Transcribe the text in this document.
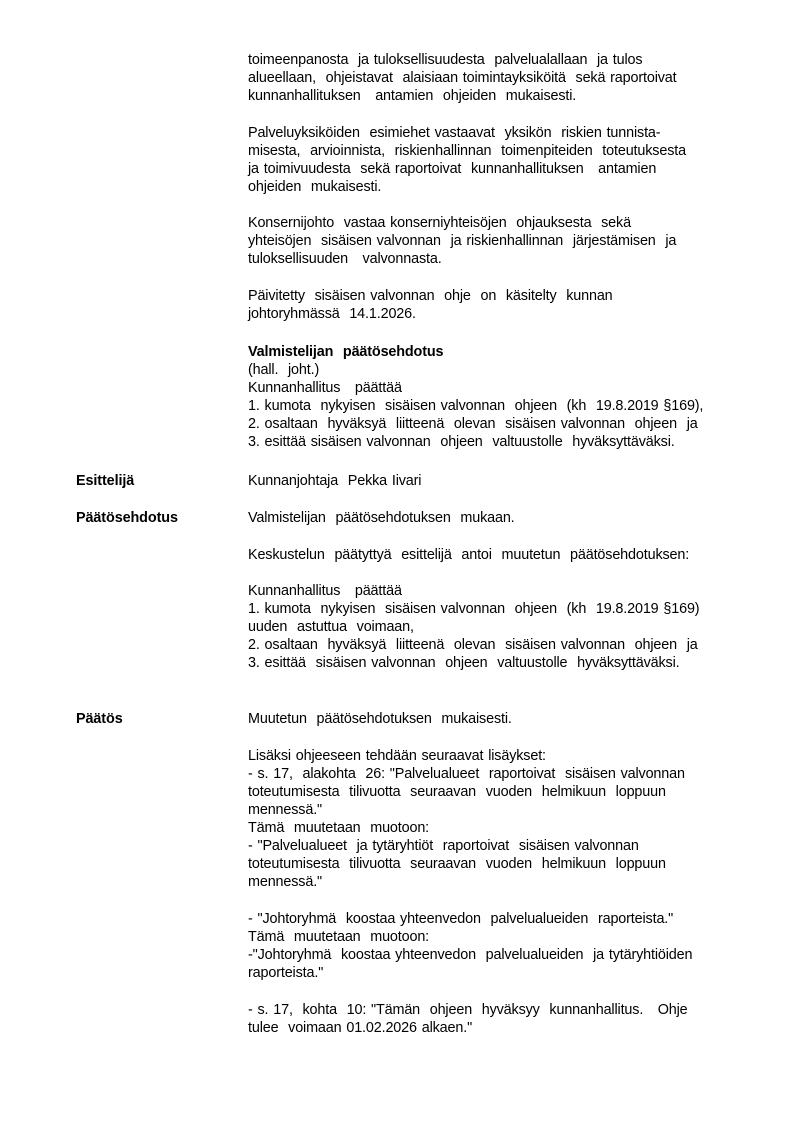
toimeenpanosta  ja tuloksellisuudesta  palvelualallaan  ja tulos
alueellaan,  ohjeistavat  alaisiaan toimintayksiköitä  sekä raportoivat
kunnanhallituksen   antamien  ohjeiden  mukaisesti.
Palveluyksiköiden  esimiehet vastaavat  yksikön  riskien tunnista-
misesta,  arvioinnista,  riskienhallinnan  toimenpiteiden  toteutuksesta
ja toimivuudesta  sekä raportoivat  kunnanhallituksen   antamien
ohjeiden  mukaisesti.
Konsernijohto  vastaa konserniyhteisöjen  ohjauksesta  sekä
yhteisöjen  sisäisen valvonnan  ja riskienhallinnan  järjestämisen  ja
tuloksellisuuden   valvonnasta.
Päivitetty  sisäisen valvonnan  ohje  on  käsitelty  kunnan
johtoryhmässä  14.1.2026.
Valmistelijan  päätösehdotus
(hall.  joht.)
Kunnanhallitus   päättää
1. kumota  nykyisen  sisäisen valvonnan  ohjeen  (kh  19.8.2019 §169),
2. osaltaan  hyväksyä  liitteenä  olevan  sisäisen valvonnan  ohjeen  ja
3. esittää sisäisen valvonnan  ohjeen  valtuustolle  hyväksyttäväksi.
Esittelijä	Kunnanjohtaja  Pekka Iivari
Päätösehdotus	Valmistelijan  päätösehdotuksen  mukaan.
Keskustelun  päätyttyä  esittelijä  antoi  muutetun  päätösehdotuksen:
Kunnanhallitus   päättää
1. kumota  nykyisen  sisäisen valvonnan  ohjeen  (kh  19.8.2019 §169)
uuden  astuttua  voimaan,
2. osaltaan  hyväksyä  liitteenä  olevan  sisäisen valvonnan  ohjeen  ja
3. esittää  sisäisen valvonnan  ohjeen  valtuustolle  hyväksyttäväksi.
Päätös	Muutetun  päätösehdotuksen  mukaisesti.
Lisäksi ohjeeseen tehdään seuraavat lisäykset:
- s. 17,  alakohta  26: "Palvelualueet  raportoivat  sisäisen valvonnan
toteutumisesta  tilivuotta  seuraavan  vuoden  helmikuun  loppuun
mennessä."
Tämä  muutetaan  muotoon:
- "Palvelualueet  ja tytäryhtiöt  raportoivat  sisäisen valvonnan
toteutumisesta  tilivuotta  seuraavan  vuoden  helmikuun  loppuun
mennessä."
- "Johtoryhmä  koostaa yhteenvedon  palvelualueiden  raporteista."
Tämä  muutetaan  muotoon:
-"Johtoryhmä  koostaa yhteenvedon  palvelualueiden  ja tytäryhtiöiden
raporteista."
- s. 17,  kohta  10: "Tämän  ohjeen  hyväksyy  kunnanhallitus.   Ohje
tulee  voimaan 01.02.2026 alkaen."
